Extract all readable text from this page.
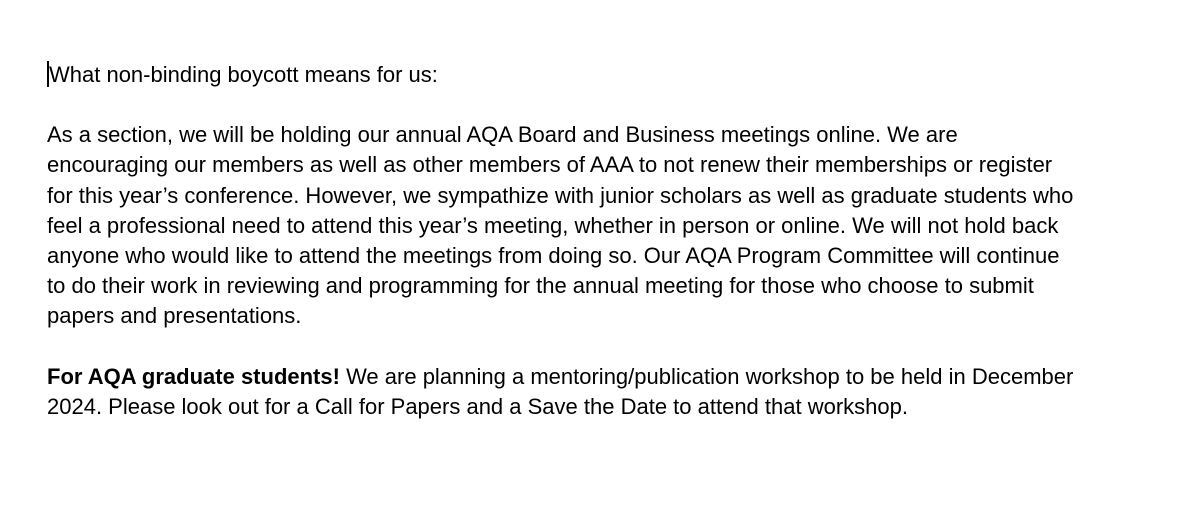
What non-binding boycott means for us:

As a section, we will be holding our annual AQA Board and Business meetings online. We are
encouraging our members as well as other members of AAA to not renew their memberships or register
for this year’s conference. However, we sympathize with junior scholars as well as graduate students who
feel a professional need to attend this year’s meeting, whether in person or online. We will not hold back
anyone who would like to attend the meetings from doing so. Our AQA Program Committee will continue
to do their work in reviewing and programming for the annual meeting for those who choose to submit
papers and presentations.

For AQA graduate students! We are planning a mentoring/publication workshop to be held in December
2024. Please look out for a Call for Papers and a Save the Date to attend that workshop.
